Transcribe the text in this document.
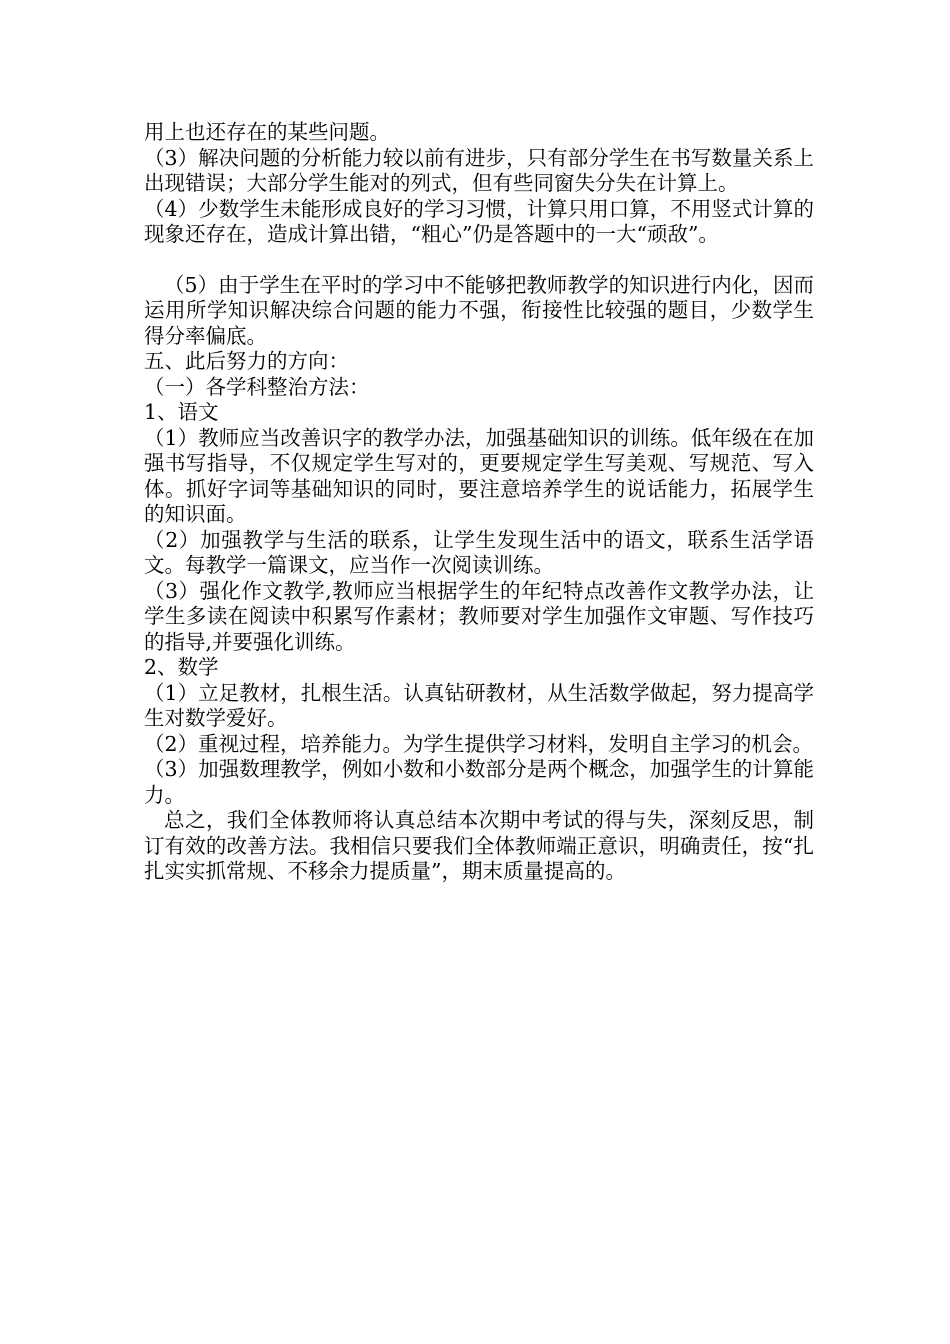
用上也还存在的某些问题。

（3）解决问题的分析能力较以前有进步，只有部分学生在书写数量关系上出现错误；大部分学生能对的列式，但有些同窗失分失在计算上。

（4）少数学生未能形成良好的学习习惯，计算只用口算，不用竖式计算的现象还存在，造成计算出错，“粗心”仍是答题中的一大“顽敌”。

（5）由于学生在平时的学习中不能够把教师教学的知识进行内化，因而运用所学知识解决综合问题的能力不强，衔接性比较强的题目，少数学生得分率偏底。

五、此后努力的方向：

（一）各学科整治方法：

1、语文

（1）教师应当改善识字的教学办法，加强基础知识的训练。低年级在在加强书写指导，不仅规定学生写对的，更要规定学生写美观、写规范、写入体。抓好字词等基础知识的同时，要注意培养学生的说话能力，拓展学生的知识面。

（2）加强教学与生活的联系，让学生发现生活中的语文，联系生活学语文。每教学一篇课文，应当作一次阅读训练。

（3）强化作文教学,教师应当根据学生的年纪特点改善作文教学办法，让学生多读在阅读中积累写作素材；教师要对学生加强作文审题、写作技巧的指导,并要强化训练。

2、数学

（1）立足教材，扎根生活。认真钻研教材，从生活数学做起，努力提高学生对数学爱好。

（2）重视过程，培养能力。为学生提供学习材料，发明自主学习的机会。

（3）加强数理教学，例如小数和小数部分是两个概念，加强学生的计算能力。

总之，我们全体教师将认真总结本次期中考试的得与失，深刻反思，制订有效的改善方法。我相信只要我们全体教师端正意识，明确责任，按“扎扎实实抓常规、不移余力提质量”，期末质量提高的。
